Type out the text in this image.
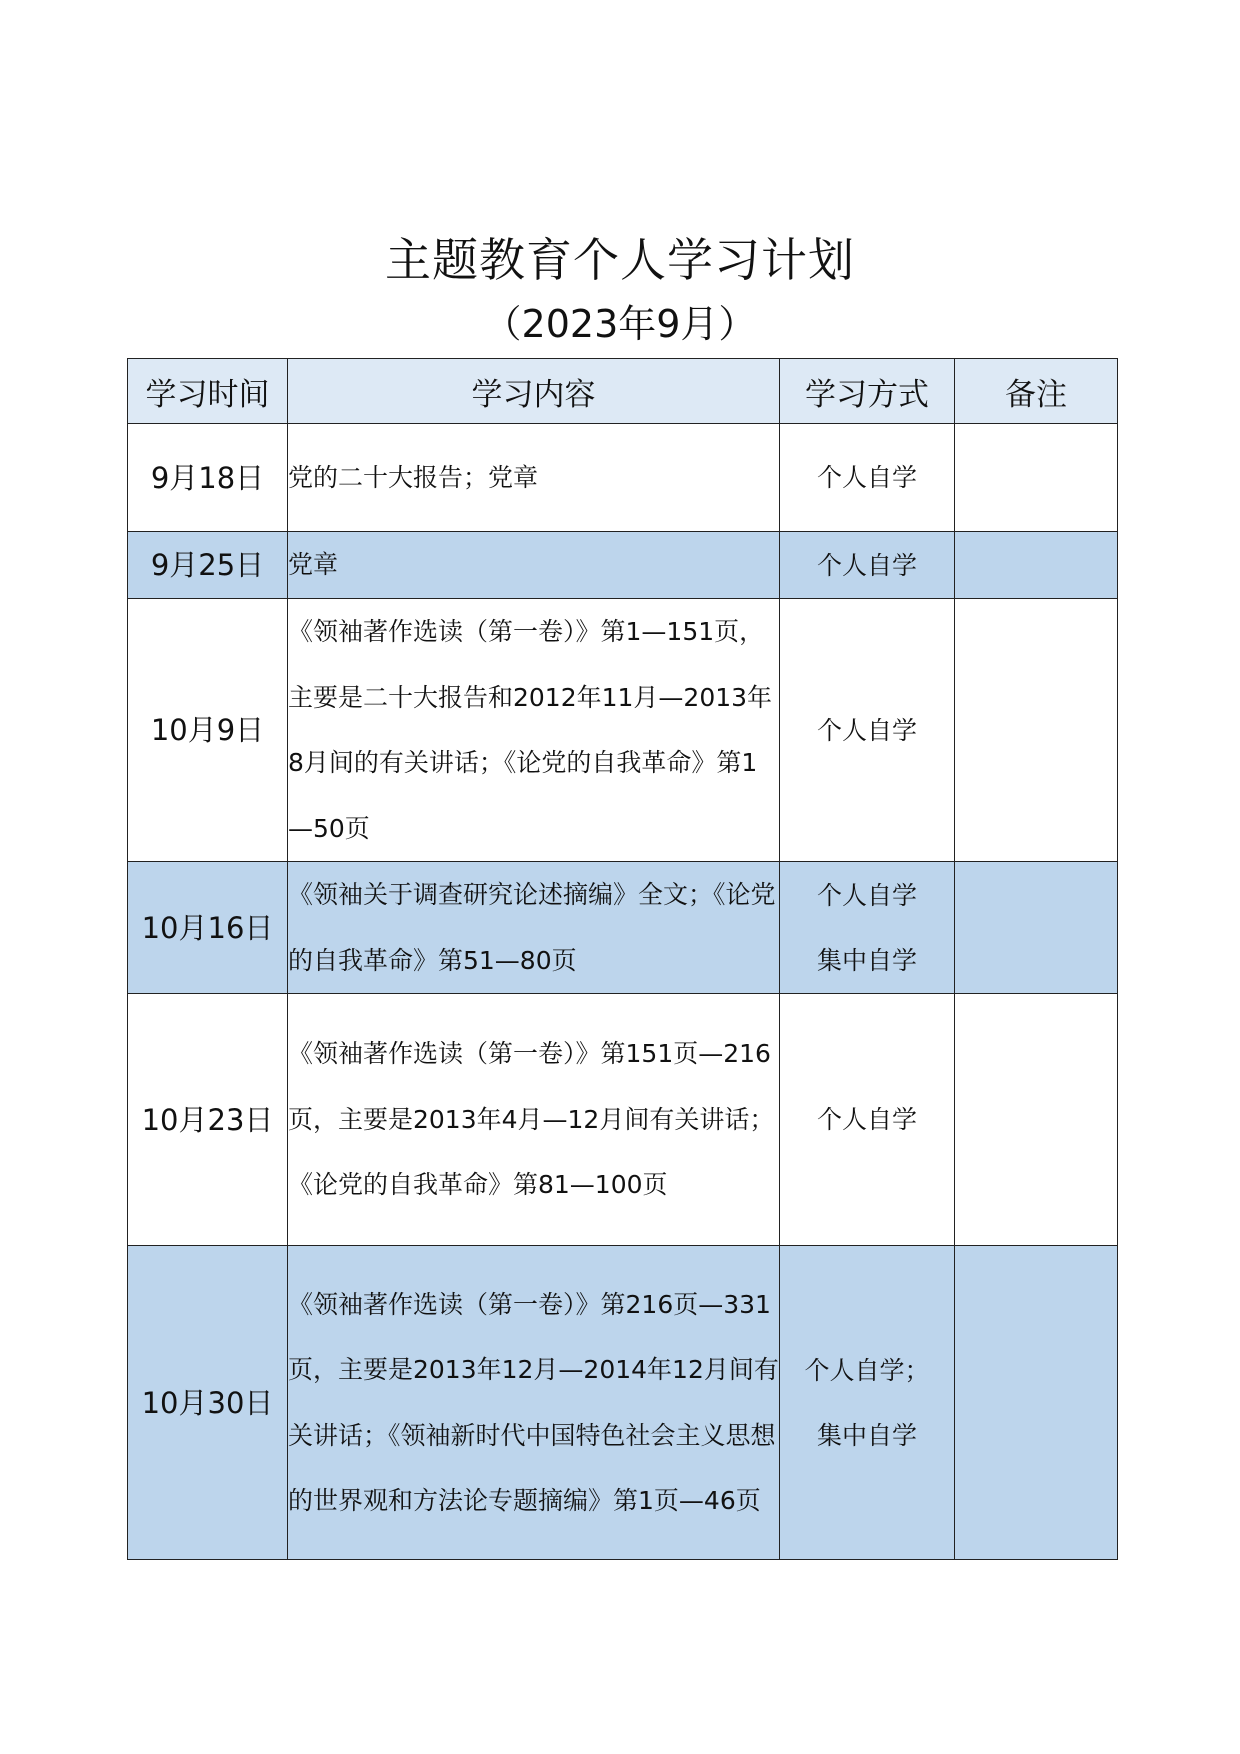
主题教育个人学习计划
（2023年9月）
学习时间	学习内容	学习方式	备注
9月18日	党的二十大报告；党章	个人自学	

9月25日	党章	个人自学	

10月9日	《领袖著作选读（第一卷）》第1—151页，主要是二十大报告和2012年11月—2013年8月间的有关讲话；《论党的自我革命》第1—50页	个人自学	

10月16日	《领袖关于调查研究论述摘编》全文；《论党的自我革命》第51—80页	个人自学
集中自学	

10月23日	《领袖著作选读（第一卷）》第151页—216页，主要是2013年4月—12月间有关讲话；《论党的自我革命》第81—100页	个人自学	

10月30日	《领袖著作选读（第一卷）》第216页—331页，主要是2013年12月—2014年12月间有关讲话；《领袖新时代中国特色社会主义思想的世界观和方法论专题摘编》第1页—46页	个人自学；
集中自学	
